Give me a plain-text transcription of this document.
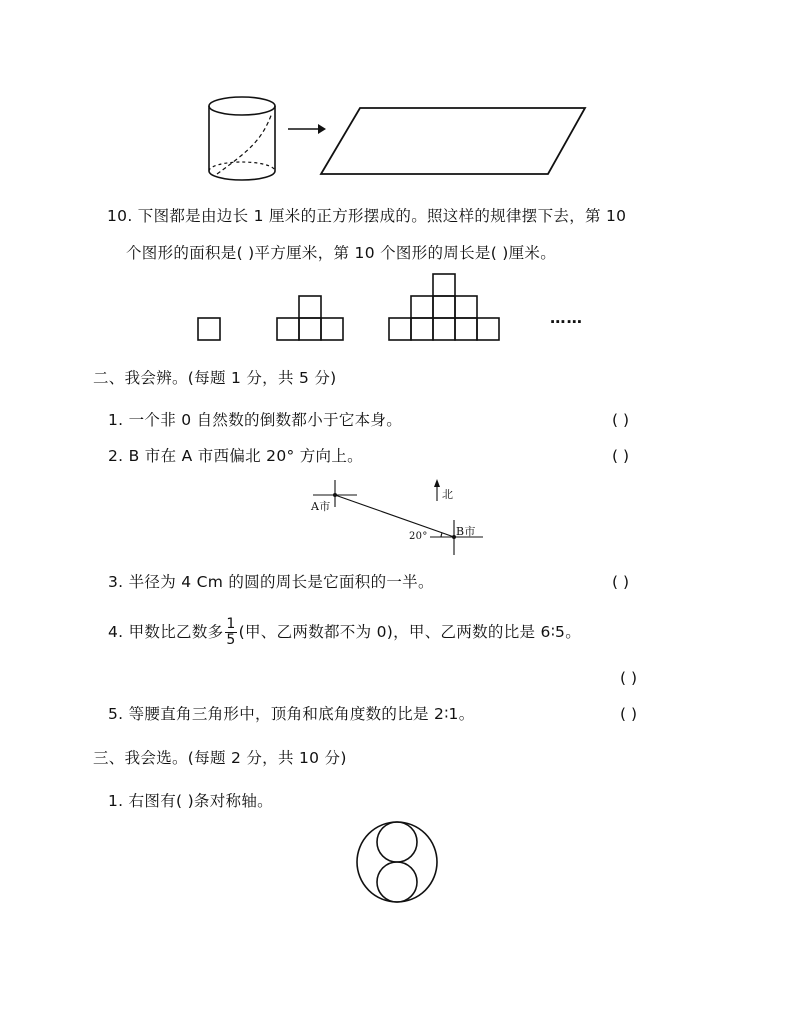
10. 下图都是由边长 1 厘米的正方形摆成的。照这样的规律摆下去，第 10
个图形的面积是( )平方厘米，第 10 个图形的周长是( )厘米。
……
二、我会辨。(每题 1 分，共 5 分)
1. 一个非 0 自然数的倒数都小于它本身。	( )
2. B 市在 A 市西偏北 20° 方向上。	( )
A市
B市
北
20°
3. 半径为 4 Cm 的圆的周长是它面积的一半。	( )
4. 甲数比乙数多 $\frac{1}{5}$ (甲、乙两数都不为 0)，甲、乙两数的比是 6∶5。
( )
5. 等腰直角三角形中，顶角和底角度数的比是 2∶1。	( )
三、我会选。(每题 2 分，共 10 分)
1. 右图有( )条对称轴。
